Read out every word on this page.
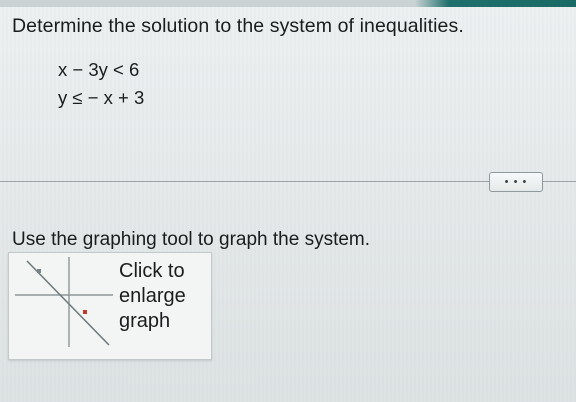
Determine the solution to the system of inequalities.
x − 3y < 6
y ≤ − x + 3
• • •
Use the graphing tool to graph the system.
Click to
enlarge
graph
